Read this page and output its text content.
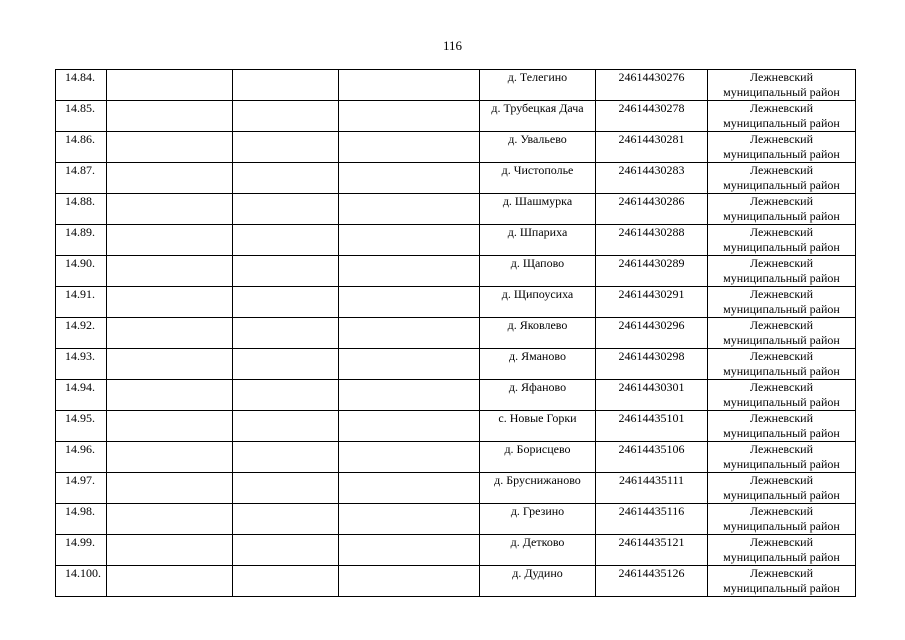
116
14.84.				д. Телегино	24614430276	Лежневский
муниципальный район

14.85.				д. Трубецкая Дача	24614430278	Лежневский
муниципальный район

14.86.				д. Увальево	24614430281	Лежневский
муниципальный район

14.87.				д. Чистополье	24614430283	Лежневский
муниципальный район

14.88.				д. Шашмурка	24614430286	Лежневский
муниципальный район

14.89.				д. Шпариха	24614430288	Лежневский
муниципальный район

14.90.				д. Щапово	24614430289	Лежневский
муниципальный район

14.91.				д. Щипоусиха	24614430291	Лежневский
муниципальный район

14.92.				д. Яковлево	24614430296	Лежневский
муниципальный район

14.93.				д. Ямановo	24614430298	Лежневский
муниципальный район

14.94.				д. Яфаново	24614430301	Лежневский
муниципальный район

14.95.				с. Новые Горки	24614435101	Лежневский
муниципальный район

14.96.				д. Борисцево	24614435106	Лежневский
муниципальный район

14.97.				д. Бруснижаново	24614435111	Лежневский
муниципальный район

14.98.				д. Грезино	24614435116	Лежневский
муниципальный район

14.99.				д. Детково	24614435121	Лежневский
муниципальный район

14.100.				д. Дудино	24614435126	Лежневский
муниципальный район
